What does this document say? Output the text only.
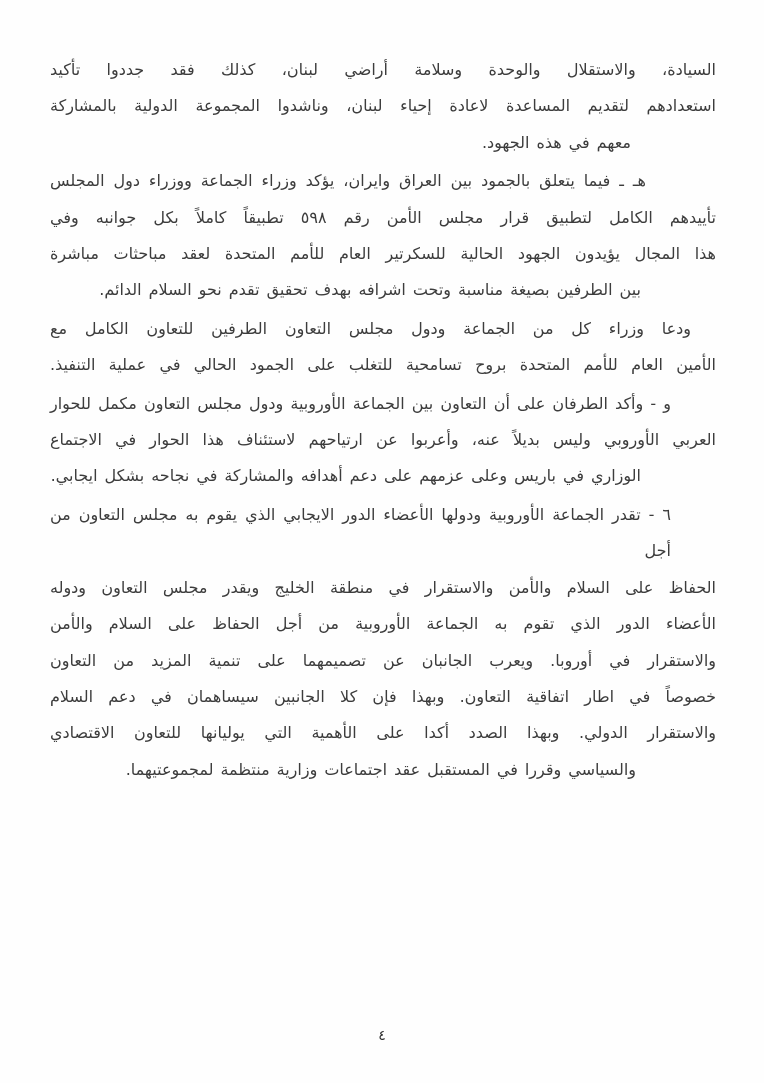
السيادة، والاستقلال والوحدة وسلامة أراضي لبنان، كذلك فقد جددوا تأكيد
استعدادهم لتقديم المساعدة لاعادة إحياء لبنان، وناشدوا المجموعة الدولية بالمشاركة
معهم في هذه الجهود.
هـ ـ فيما يتعلق بالجمود بين العراق وايران، يؤكد وزراء الجماعة ووزراء دول المجلس
تأييدهم الكامل لتطبيق قرار مجلس الأمن رقم ٥٩٨ تطبيقاً كاملاً بكل جوانبه وفي
هذا المجال يؤيدون الجهود الحالية للسكرتير العام للأمم المتحدة لعقد مباحثات مباشرة
بين الطرفين بصيغة مناسبة وتحت اشرافه بهدف تحقيق تقدم نحو السلام الدائم.
ودعا وزراء كل من الجماعة ودول مجلس التعاون الطرفين للتعاون الكامل مع
الأمين العام للأمم المتحدة بروح تسامحية للتغلب على الجمود الحالي في عملية التنفيذ.
و - وأكد الطرفان على أن التعاون بين الجماعة الأوروبية ودول مجلس التعاون مكمل للحوار
العربي الأوروبي وليس بديلاً عنه، وأعربوا عن ارتياحهم لاستئناف هذا الحوار في الاجتماع
الوزاري في باريس وعلى عزمهم على دعم أهدافه والمشاركة في نجاحه بشكل ايجابي.
٦ - تقدر الجماعة الأوروبية ودولها الأعضاء الدور الايجابي الذي يقوم به مجلس التعاون من أجل
الحفاظ على السلام والأمن والاستقرار في منطقة الخليج ويقدر مجلس التعاون ودوله
الأعضاء الدور الذي تقوم به الجماعة الأوروبية من أجل الحفاظ على السلام والأمن
والاستقرار في أوروبا. ويعرب الجانبان عن تصميمهما على تنمية المزيد من التعاون
خصوصاً في اطار اتفاقية التعاون. وبهذا فإن كلا الجانبين سيساهمان في دعم السلام
والاستقرار الدولي. وبهذا الصدد أكدا على الأهمية التي يوليانها للتعاون الاقتصادي
والسياسي وقررا في المستقبل عقد اجتماعات وزارية منتظمة لمجموعتيهما.
٤
